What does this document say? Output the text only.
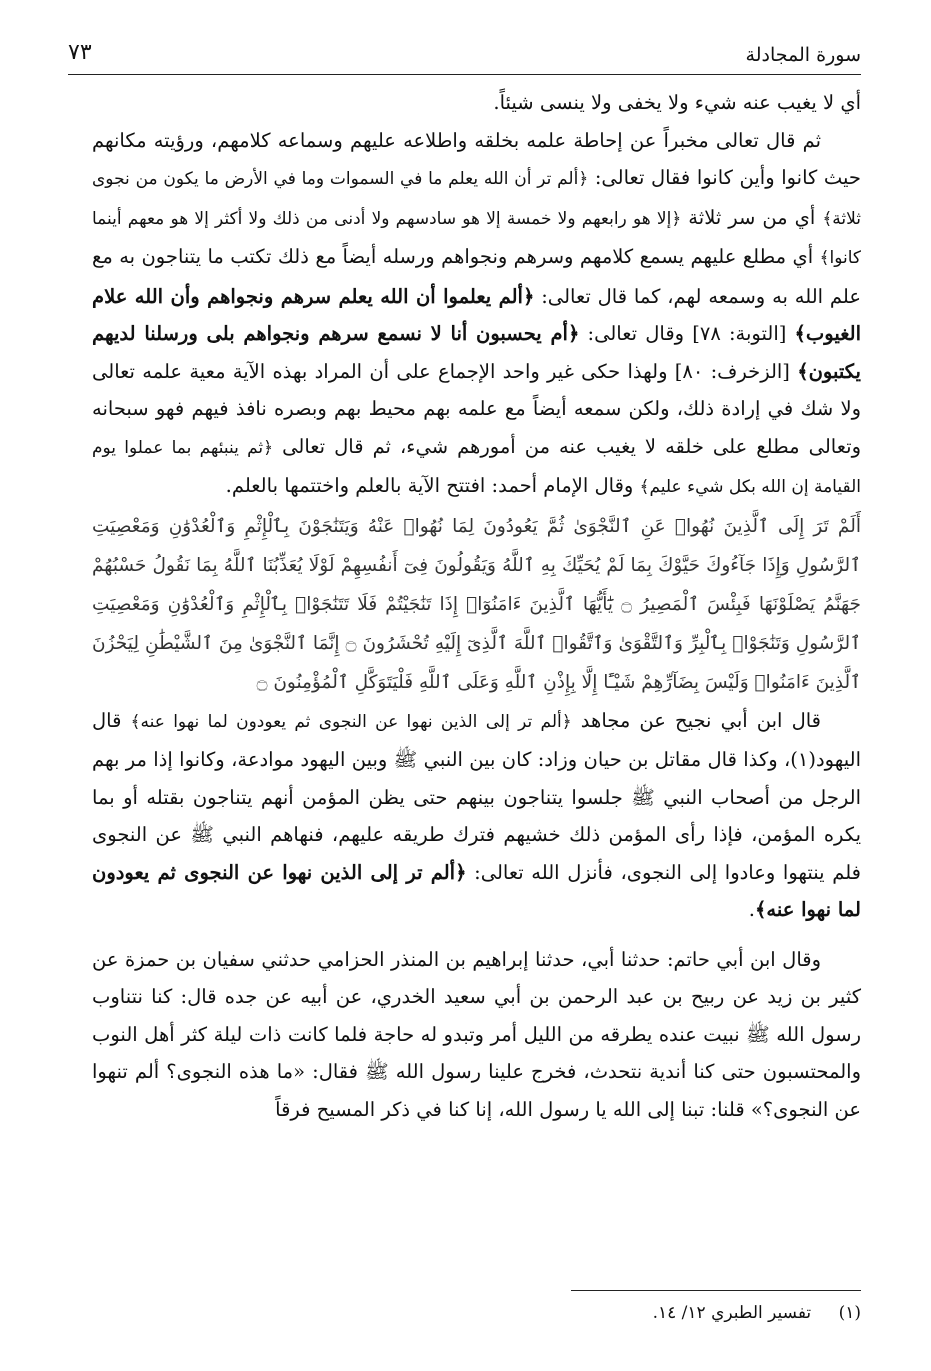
٧٣	سورة المجادلة

أي لا يغيب عنه شيء ولا يخفى ولا ينسى شيئاً.

ثم قال تعالى مخبراً عن إحاطة علمه بخلقه واطلاعه عليهم وسماعه كلامهم، ورؤيته مكانهم حيث كانوا وأين كانوا فقال تعالى: ﴿ألم تر أن الله يعلم ما في السموات وما في الأرض ما يكون من نجوى ثلاثة﴾ أي من سر ثلاثة ﴿إلا هو رابعهم ولا خمسة إلا هو سادسهم ولا أدنى من ذلك ولا أكثر إلا هو معهم أينما كانوا﴾ أي مطلع عليهم يسمع كلامهم وسرهم ونجواهم ورسله أيضاً مع ذلك تكتب ما يتناجون به مع علم الله به وسمعه لهم، كما قال تعالى: ﴿ألم يعلموا أن الله يعلم سرهم ونجواهم وأن الله علام الغيوب﴾ [التوبة: ٧٨] وقال تعالى: ﴿أم يحسبون أنا لا نسمع سرهم ونجواهم بلى ورسلنا لديهم يكتبون﴾ [الزخرف: ٨٠] ولهذا حكى غير واحد الإجماع على أن المراد بهذه الآية معية علمه تعالى ولا شك في إرادة ذلك، ولكن سمعه أيضاً مع علمه بهم محيط بهم وبصره نافذ فيهم فهو سبحانه وتعالى مطلع على خلقه لا يغيب عنه من أمورهم شيء، ثم قال تعالى ﴿ثم ينبئهم بما عملوا يوم القيامة إن الله بكل شيء عليم﴾ وقال الإمام أحمد: افتتح الآية بالعلم واختتمها بالعلم.

أَلَمْ تَرَ إِلَى ٱلَّذِينَ نُهُوا۟ عَنِ ٱلنَّجْوَىٰ ثُمَّ يَعُودُونَ لِمَا نُهُوا۟ عَنْهُ وَيَتَنَٰجَوْنَ بِٱلْإِثْمِ وَٱلْعُدْوَٰنِ وَمَعْصِيَتِ ٱلرَّسُولِ وَإِذَا جَآءُوكَ حَيَّوْكَ بِمَا لَمْ يُحَيِّكَ بِهِ ٱللَّهُ وَيَقُولُونَ فِىٓ أَنفُسِهِمْ لَوْلَا يُعَذِّبُنَا ٱللَّهُ بِمَا نَقُولُ حَسْبُهُمْ جَهَنَّمُ يَصْلَوْنَهَا فَبِئْسَ ٱلْمَصِيرُ ۝ يَٰٓأَيُّهَا ٱلَّذِينَ ءَامَنُوٓا۟ إِذَا تَنَٰجَيْتُمْ فَلَا تَتَنَٰجَوْا۟ بِٱلْإِثْمِ وَٱلْعُدْوَٰنِ وَمَعْصِيَتِ ٱلرَّسُولِ وَتَنَٰجَوْا۟ بِٱلْبِرِّ وَٱلتَّقْوَىٰ وَٱتَّقُوا۟ ٱللَّهَ ٱلَّذِىٓ إِلَيْهِ تُحْشَرُونَ ۝ إِنَّمَا ٱلنَّجْوَىٰ مِنَ ٱلشَّيْطَٰنِ لِيَحْزُنَ ٱلَّذِينَ ءَامَنُوا۟ وَلَيْسَ بِضَآرِّهِمْ شَيْـًٔا إِلَّا بِإِذْنِ ٱللَّهِ وَعَلَى ٱللَّهِ فَلْيَتَوَكَّلِ ٱلْمُؤْمِنُونَ ۝

قال ابن أبي نجيح عن مجاهد ﴿ألم تر إلى الذين نهوا عن النجوى ثم يعودون لما نهوا عنه﴾ قال اليهود(١)، وكذا قال مقاتل بن حيان وزاد: كان بين النبي ﷺ وبين اليهود موادعة، وكانوا إذا مر بهم الرجل من أصحاب النبي ﷺ جلسوا يتناجون بينهم حتى يظن المؤمن أنهم يتناجون بقتله أو بما يكره المؤمن، فإذا رأى المؤمن ذلك خشيهم فترك طريقه عليهم، فنهاهم النبي ﷺ عن النجوى فلم ينتهوا وعادوا إلى النجوى، فأنزل الله تعالى: ﴿ألم تر إلى الذين نهوا عن النجوى ثم يعودون لما نهوا عنه﴾.

وقال ابن أبي حاتم: حدثنا أبي، حدثنا إبراهيم بن المنذر الحزامي حدثني سفيان بن حمزة عن كثير بن زيد عن ربيح بن عبد الرحمن بن أبي سعيد الخدري، عن أبيه عن جده قال: كنا نتناوب رسول الله ﷺ نبيت عنده يطرقه من الليل أمر وتبدو له حاجة فلما كانت ذات ليلة كثر أهل النوب والمحتسبون حتى كنا أندية نتحدث، فخرج علينا رسول الله ﷺ فقال: «ما هذه النجوى؟ ألم تنهوا عن النجوى؟» قلنا: تبنا إلى الله يا رسول الله، إنا كنا في ذكر المسيح فرقاً

(١) تفسير الطبري ١٢/ ١٤.
